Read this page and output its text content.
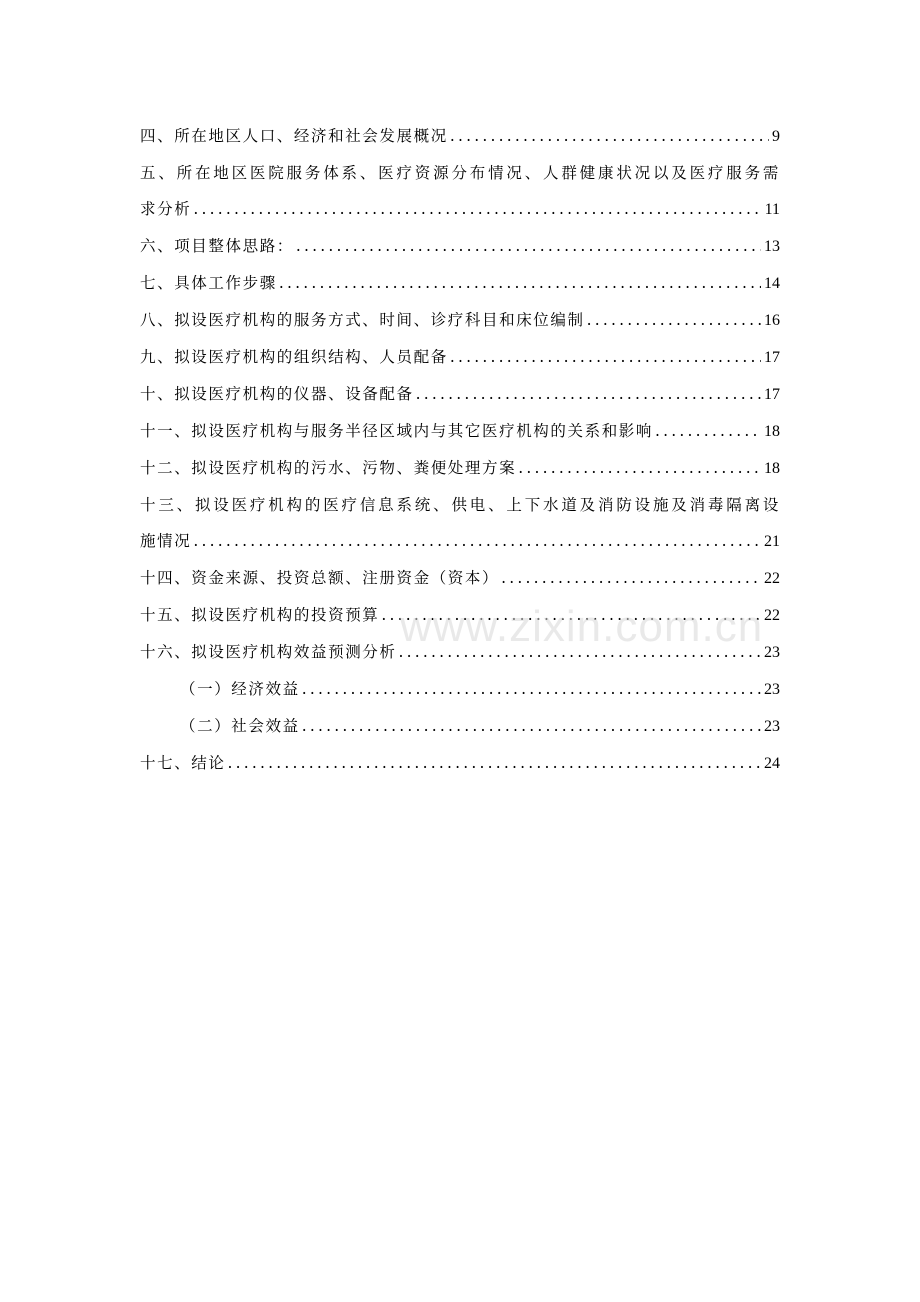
四、所在地区人口、经济和社会发展概况 .....	9
五、所在地区医院服务体系、医疗资源分布情况、人群健康状况以及医疗服务需
求分析 .....	11
六、项目整体思路： .....	13
七、具体工作步骤 .....	14
八、拟设医疗机构的服务方式、时间、诊疗科目和床位编制 .....	16
九、拟设医疗机构的组织结构、人员配备 .....	17
十、拟设医疗机构的仪器、设备配备 .....	17
十一、拟设医疗机构与服务半径区域内与其它医疗机构的关系和影响 .....	18
十二、拟设医疗机构的污水、污物、粪便处理方案 .....	18
十三、拟设医疗机构的医疗信息系统、供电、上下水道及消防设施及消毒隔离设
施情况 .....	21
十四、资金来源、投资总额、注册资金（资本） .....	22
十五、拟设医疗机构的投资预算 .....	22
十六、拟设医疗机构效益预测分析 .....	23
（一）经济效益 .....	23
（二）社会效益 .....	23
十七、结论 .....	24
www.zixin.com.cn
